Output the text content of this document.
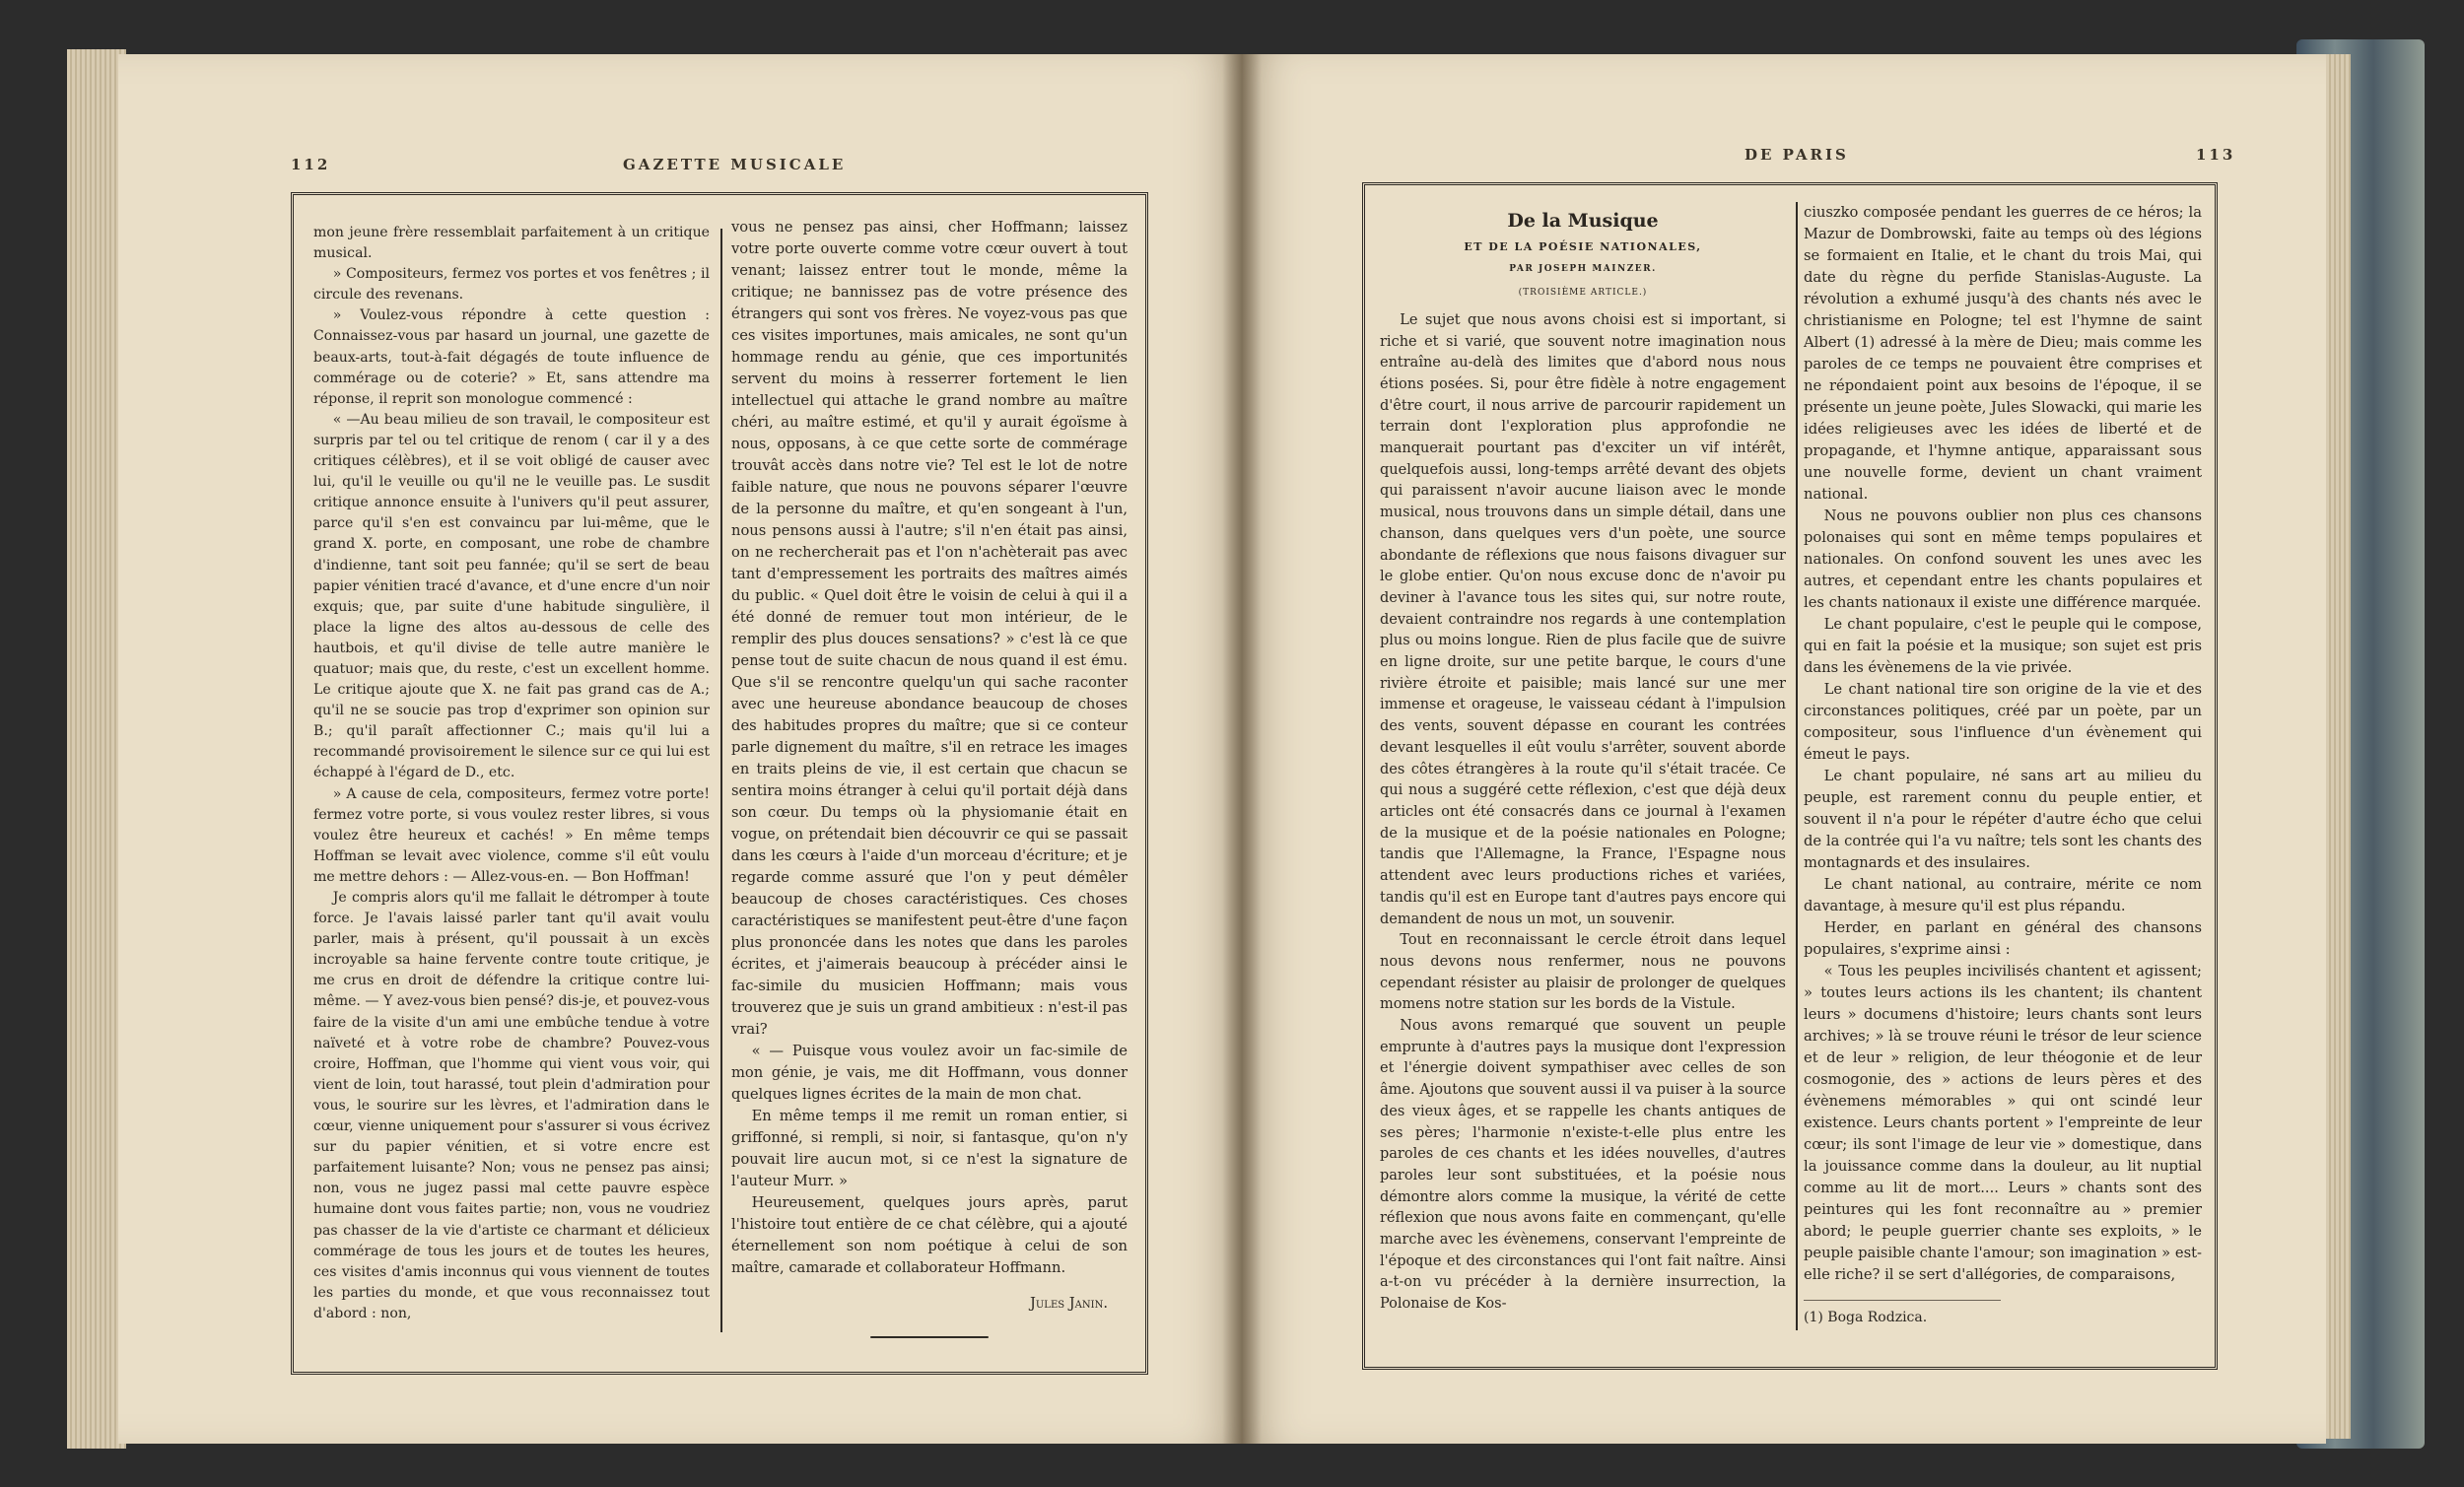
112	GAZETTE MUSICALE

mon jeune frère ressemblait parfaitement à un critique musical.

» Compositeurs, fermez vos portes et vos fenêtres ; il circule des revenans.

» Voulez-vous répondre à cette question : Connaissez-vous par hasard un journal, une gazette de beaux-arts, tout-à-fait dégagés de toute influence de commérage ou de coterie? » Et, sans attendre ma réponse, il reprit son monologue commencé :

« —Au beau milieu de son travail, le compositeur est surpris par tel ou tel critique de renom ( car il y a des critiques célèbres), et il se voit obligé de causer avec lui, qu'il le veuille ou qu'il ne le veuille pas. Le susdit critique annonce ensuite à l'univers qu'il peut assurer, parce qu'il s'en est convaincu par lui-même, que le grand X. porte, en composant, une robe de chambre d'indienne, tant soit peu fannée; qu'il se sert de beau papier vénitien tracé d'avance, et d'une encre d'un noir exquis; que, par suite d'une habitude singulière, il place la ligne des altos au-dessous de celle des hautbois, et qu'il divise de telle autre manière le quatuor; mais que, du reste, c'est un excellent homme. Le critique ajoute que X. ne fait pas grand cas de A.; qu'il ne se soucie pas trop d'exprimer son opinion sur B.; qu'il paraît affectionner C.; mais qu'il lui a recommandé provisoirement le silence sur ce qui lui est échappé à l'égard de D., etc.

» A cause de cela, compositeurs, fermez votre porte! fermez votre porte, si vous voulez rester libres, si vous voulez être heureux et cachés! » En même temps Hoffman se levait avec violence, comme s'il eût voulu me mettre dehors : — Allez-vous-en. — Bon Hoffman!

Je compris alors qu'il me fallait le détromper à toute force. Je l'avais laissé parler tant qu'il avait voulu parler, mais à présent, qu'il poussait à un excès incroyable sa haine fervente contre toute critique, je me crus en droit de défendre la critique contre lui-même. — Y avez-vous bien pensé? dis-je, et pouvez-vous faire de la visite d'un ami une embûche tendue à votre naïveté et à votre robe de chambre? Pouvez-vous croire, Hoffman, que l'homme qui vient vous voir, qui vient de loin, tout harassé, tout plein d'admiration pour vous, le sourire sur les lèvres, et l'admiration dans le cœur, vienne uniquement pour s'assurer si vous écrivez sur du papier vénitien, et si votre encre est parfaitement luisante? Non; vous ne pensez pas ainsi; non, vous ne jugez passi mal cette pauvre espèce humaine dont vous faites partie; non, vous ne voudriez pas chasser de la vie d'artiste ce charmant et délicieux commérage de tous les jours et de toutes les heures, ces visites d'amis inconnus qui vous viennent de toutes les parties du monde, et que vous reconnaissez tout d'abord : non,

vous ne pensez pas ainsi, cher Hoffmann; laissez votre porte ouverte comme votre cœur ouvert à tout venant; laissez entrer tout le monde, même la critique; ne bannissez pas de votre présence des étrangers qui sont vos frères. Ne voyez-vous pas que ces visites importunes, mais amicales, ne sont qu'un hommage rendu au génie, que ces importunités servent du moins à resserrer fortement le lien intellectuel qui attache le grand nombre au maître chéri, au maître estimé, et qu'il y aurait égoïsme à nous, opposans, à ce que cette sorte de commérage trouvât accès dans notre vie? Tel est le lot de notre faible nature, que nous ne pouvons séparer l'œuvre de la personne du maître, et qu'en songeant à l'un, nous pensons aussi à l'autre; s'il n'en était pas ainsi, on ne rechercherait pas et l'on n'achèterait pas avec tant d'empressement les portraits des maîtres aimés du public. « Quel doit être le voisin de celui à qui il a été donné de remuer tout mon intérieur, de le remplir des plus douces sensations? » c'est là ce que pense tout de suite chacun de nous quand il est ému. Que s'il se rencontre quelqu'un qui sache raconter avec une heureuse abondance beaucoup de choses des habitudes propres du maître; que si ce conteur parle dignement du maître, s'il en retrace les images en traits pleins de vie, il est certain que chacun se sentira moins étranger à celui qu'il portait déjà dans son cœur. Du temps où la physiomanie était en vogue, on prétendait bien découvrir ce qui se passait dans les cœurs à l'aide d'un morceau d'écriture; et je regarde comme assuré que l'on y peut démêler beaucoup de choses caractéristiques. Ces choses caractéristiques se manifestent peut-être d'une façon plus prononcée dans les notes que dans les paroles écrites, et j'aimerais beaucoup à précéder ainsi le fac-simile du musicien Hoffmann; mais vous trouverez que je suis un grand ambitieux : n'est-il pas vrai?

« — Puisque vous voulez avoir un fac-simile de mon génie, je vais, me dit Hoffmann, vous donner quelques lignes écrites de la main de mon chat.

En même temps il me remit un roman entier, si griffonné, si rempli, si noir, si fantasque, qu'on n'y pouvait lire aucun mot, si ce n'est la signature de l'auteur Murr. »

Heureusement, quelques jours après, parut l'histoire tout entière de ce chat célèbre, qui a ajouté éternellement son nom poétique à celui de son maître, camarade et collaborateur Hoffmann.

Jules Janin.

DE PARIS	113
De la Musique
ET DE LA POÉSIE NATIONALES,
PAR JOSEPH MAINZER.
(TROISIÈME ARTICLE.)

Le sujet que nous avons choisi est si important, si riche et si varié, que souvent notre imagination nous entraîne au-delà des limites que d'abord nous nous étions posées. Si, pour être fidèle à notre engagement d'être court, il nous arrive de parcourir rapidement un terrain dont l'exploration plus approfondie ne manquerait pourtant pas d'exciter un vif intérêt, quelquefois aussi, long-temps arrêté devant des objets qui paraissent n'avoir aucune liaison avec le monde musical, nous trouvons dans un simple détail, dans une chanson, dans quelques vers d'un poète, une source abondante de réflexions que nous faisons divaguer sur le globe entier. Qu'on nous excuse donc de n'avoir pu deviner à l'avance tous les sites qui, sur notre route, devaient contraindre nos regards à une contemplation plus ou moins longue. Rien de plus facile que de suivre en ligne droite, sur une petite barque, le cours d'une rivière étroite et paisible; mais lancé sur une mer immense et orageuse, le vaisseau cédant à l'impulsion des vents, souvent dépasse en courant les contrées devant lesquelles il eût voulu s'arrêter, souvent aborde des côtes étrangères à la route qu'il s'était tracée. Ce qui nous a suggéré cette réflexion, c'est que déjà deux articles ont été consacrés dans ce journal à l'examen de la musique et de la poésie nationales en Pologne; tandis que l'Allemagne, la France, l'Espagne nous attendent avec leurs productions riches et variées, tandis qu'il est en Europe tant d'autres pays encore qui demandent de nous un mot, un souvenir.

Tout en reconnaissant le cercle étroit dans lequel nous devons nous renfermer, nous ne pouvons cependant résister au plaisir de prolonger de quelques momens notre station sur les bords de la Vistule.

Nous avons remarqué que souvent un peuple emprunte à d'autres pays la musique dont l'expression et l'énergie doivent sympathiser avec celles de son âme. Ajoutons que souvent aussi il va puiser à la source des vieux âges, et se rappelle les chants antiques de ses pères; l'harmonie n'existe-t-elle plus entre les paroles de ces chants et les idées nouvelles, d'autres paroles leur sont substituées, et la poésie nous démontre alors comme la musique, la vérité de cette réflexion que nous avons faite en commençant, qu'elle marche avec les évènemens, conservant l'empreinte de l'époque et des circonstances qui l'ont fait naître. Ainsi a-t-on vu précéder à la dernière insurrection, la Polonaise de Kos-

ciuszko composée pendant les guerres de ce héros; la Mazur de Dombrowski, faite au temps où des légions se formaient en Italie, et le chant du trois Mai, qui date du règne du perfide Stanislas-Auguste. La révolution a exhumé jusqu'à des chants nés avec le christianisme en Pologne; tel est l'hymne de saint Albert (1) adressé à la mère de Dieu; mais comme les paroles de ce temps ne pouvaient être comprises et ne répondaient point aux besoins de l'époque, il se présente un jeune poète, Jules Slowacki, qui marie les idées religieuses avec les idées de liberté et de propagande, et l'hymne antique, apparaissant sous une nouvelle forme, devient un chant vraiment national.

Nous ne pouvons oublier non plus ces chansons polonaises qui sont en même temps populaires et nationales. On confond souvent les unes avec les autres, et cependant entre les chants populaires et les chants nationaux il existe une différence marquée.

Le chant populaire, c'est le peuple qui le compose, qui en fait la poésie et la musique; son sujet est pris dans les évènemens de la vie privée.

Le chant national tire son origine de la vie et des circonstances politiques, créé par un poète, par un compositeur, sous l'influence d'un évènement qui émeut le pays.

Le chant populaire, né sans art au milieu du peuple, est rarement connu du peuple entier, et souvent il n'a pour le répéter d'autre écho que celui de la contrée qui l'a vu naître; tels sont les chants des montagnards et des insulaires.

Le chant national, au contraire, mérite ce nom davantage, à mesure qu'il est plus répandu.

Herder, en parlant en général des chansons populaires, s'exprime ainsi :

« Tous les peuples incivilisés chantent et agissent; » toutes leurs actions ils les chantent; ils chantent leurs » documens d'histoire; leurs chants sont leurs archives; » là se trouve réuni le trésor de leur science et de leur » religion, de leur théogonie et de leur cosmogonie, des » actions de leurs pères et des évènemens mémorables » qui ont scindé leur existence. Leurs chants portent » l'empreinte de leur cœur; ils sont l'image de leur vie » domestique, dans la jouissance comme dans la douleur, au lit nuptial comme au lit de mort.... Leurs » chants sont des peintures qui les font reconnaître au » premier abord; le peuple guerrier chante ses exploits, » le peuple paisible chante l'amour; son imagination » est-elle riche? il se sert d'allégories, de comparaisons,

(1) Boga Rodzica.
